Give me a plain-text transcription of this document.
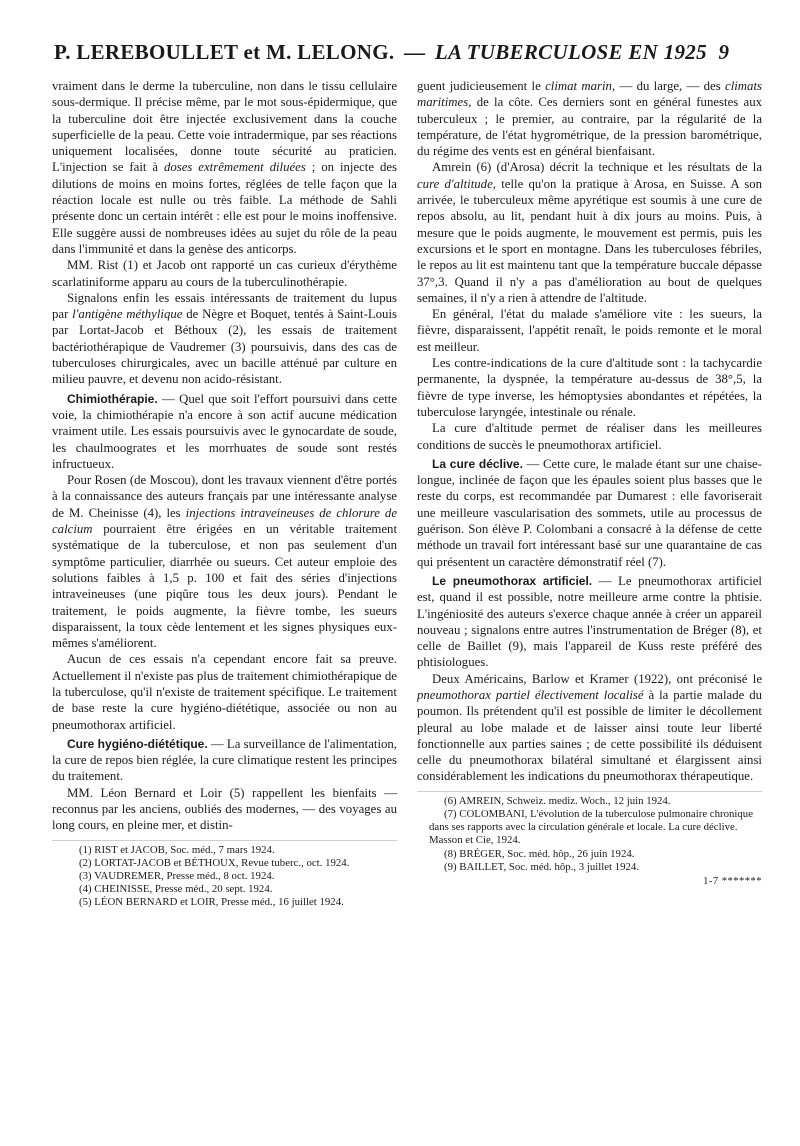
P. LEREBOULLET et M. LELONG. — LA TUBERCULOSE EN 1925 9

vraiment dans le derme la tuberculine, non dans le tissu cellulaire sous-dermique. Il précise même, par le mot sous-épidermique, que la tuberculine doit être injectée exclusivement dans la couche superficielle de la peau. Cette voie intradermique, par ses réactions uniquement localisées, donne toute sécurité au praticien. L'injection se fait à doses extrêmement diluées ; on injecte des dilutions de moins en moins fortes, réglées de telle façon que la réaction locale est nulle ou très faible. La méthode de Sahli présente donc un certain intérêt : elle est pour le moins inoffensive. Elle suggère aussi de nombreuses idées au sujet du rôle de la peau dans l'immunité et dans la genèse des anticorps.

MM. Rist (1) et Jacob ont rapporté un cas curieux d'érythème scarlatiniforme apparu au cours de la tuberculinothérapie.

Signalons enfin les essais intéressants de traitement du lupus par l'antigène méthylique de Nègre et Boquet, tentés à Saint-Louis par Lortat-Jacob et Béthoux (2), les essais de traitement bactériothérapique de Vaudremer (3) poursuivis, dans des cas de tuberculoses chirurgicales, avec un bacille atténué par culture en milieu pauvre, et devenu non acido-résistant.

Chimiothérapie. — Quel que soit l'effort poursuivi dans cette voie, la chimiothérapie n'a encore à son actif aucune médication vraiment utile. Les essais poursuivis avec le gynocardate de soude, les chaulmoogrates et les morrhuates de soude sont restés infructueux.

Pour Rosen (de Moscou), dont les travaux viennent d'être portés à la connaissance des auteurs français par une intéressante analyse de M. Cheinisse (4), les injections intraveineuses de chlorure de calcium pourraient être érigées en un véritable traitement systématique de la tuberculose, et non pas seulement d'un symptôme particulier, diarrhée ou sueurs. Cet auteur emploie des solutions faibles à 1,5 p. 100 et fait des séries d'injections intraveineuses (une piqûre tous les deux jours). Pendant le traitement, le poids augmente, la fièvre tombe, les sueurs disparaissent, la toux cède lentement et les signes physiques eux-mêmes s'améliorent.

Aucun de ces essais n'a cependant encore fait sa preuve. Actuellement il n'existe pas plus de traitement chimiothérapique de la tuberculose, qu'il n'existe de traitement spécifique. Le traitement de base reste la cure hygiéno-diététique, associée ou non au pneumothorax artificiel.

Cure hygiéno-diététique. — La surveillance de l'alimentation, la cure de repos bien réglée, la cure climatique restent les principes du traitement.

MM. Léon Bernard et Loir (5) rappellent les bienfaits — reconnus par les anciens, oubliés des modernes, — des voyages au long cours, en pleine mer, et distin-

(1) RIST et JACOB, Soc. méd., 7 mars 1924.

(2) LORTAT-JACOB et BÉTHOUX, Revue tuberc., oct. 1924.

(3) VAUDREMER, Presse méd., 8 oct. 1924.

(4) CHEINISSE, Presse méd., 20 sept. 1924.

(5) LÉON BERNARD et LOIR, Presse méd., 16 juillet 1924.

guent judicieusement le climat marin, — du large, — des climats maritimes, de la côte. Ces derniers sont en général funestes aux tuberculeux ; le premier, au contraire, par la régularité de la température, de l'état hygrométrique, de la pression barométrique, du régime des vents est en général bienfaisant.

Amrein (6) (d'Arosa) décrit la technique et les résultats de la cure d'altitude, telle qu'on la pratique à Arosa, en Suisse. A son arrivée, le tuberculeux même apyrétique est soumis à une cure de repos absolu, au lit, pendant huit à dix jours au moins. Puis, à mesure que le poids augmente, le mouvement est permis, puis les excursions et le sport en montagne. Dans les tuberculoses fébriles, le repos au lit est maintenu tant que la température buccale dépasse 37°,3. Quand il n'y a pas d'amélioration au bout de quelques semaines, il n'y a rien à attendre de l'altitude.

En général, l'état du malade s'améliore vite : les sueurs, la fièvre, disparaissent, l'appétit renaît, le poids remonte et le moral est meilleur.

Les contre-indications de la cure d'altitude sont : la tachycardie permanente, la dyspnée, la température au-dessus de 38°,5, la fièvre de type inverse, les hémoptysies abondantes et répétées, la tuberculose laryngée, intestinale ou rénale.

La cure d'altitude permet de réaliser dans les meilleures conditions de succès le pneumothorax artificiel.

La cure déclive. — Cette cure, le malade étant sur une chaise-longue, inclinée de façon que les épaules soient plus basses que le reste du corps, est recommandée par Dumarest : elle favoriserait une meilleure vascularisation des sommets, utile au processus de guérison. Son élève P. Colombani a consacré à la défense de cette méthode un travail fort intéressant basé sur une quarantaine de cas qui présentent un caractère démonstratif réel (7).

Le pneumothorax artificiel. — Le pneumothorax artificiel est, quand il est possible, notre meilleure arme contre la phtisie. L'ingéniosité des auteurs s'exerce chaque année à créer un appareil nouveau ; signalons entre autres l'instrumentation de Bréger (8), et celle de Baillet (9), mais l'appareil de Kuss reste préféré des phtisiologues.

Deux Américains, Barlow et Kramer (1922), ont préconisé le pneumothorax partiel électivement localisé à la partie malade du poumon. Ils prétendent qu'il est possible de limiter le décollement pleural au lobe malade et de laisser ainsi toute leur liberté fonctionnelle aux parties saines ; de cette possibilité ils déduisent celle du pneumothorax bilatéral simultané et élargissent ainsi considérablement les indications du pneumothorax thérapeutique.

(6) AMREIN, Schweiz. mediz. Woch., 12 juin 1924.

(7) COLOMBANI, L'évolution de la tuberculose pulmonaire chronique dans ses rapports avec la circulation générale et locale. La cure déclive. Masson et Cie, 1924.

(8) BRÉGER, Soc. méd. hôp., 26 juin 1924.

(9) BAILLET, Soc. méd. hôp., 3 juillet 1924.

1-7 *******
